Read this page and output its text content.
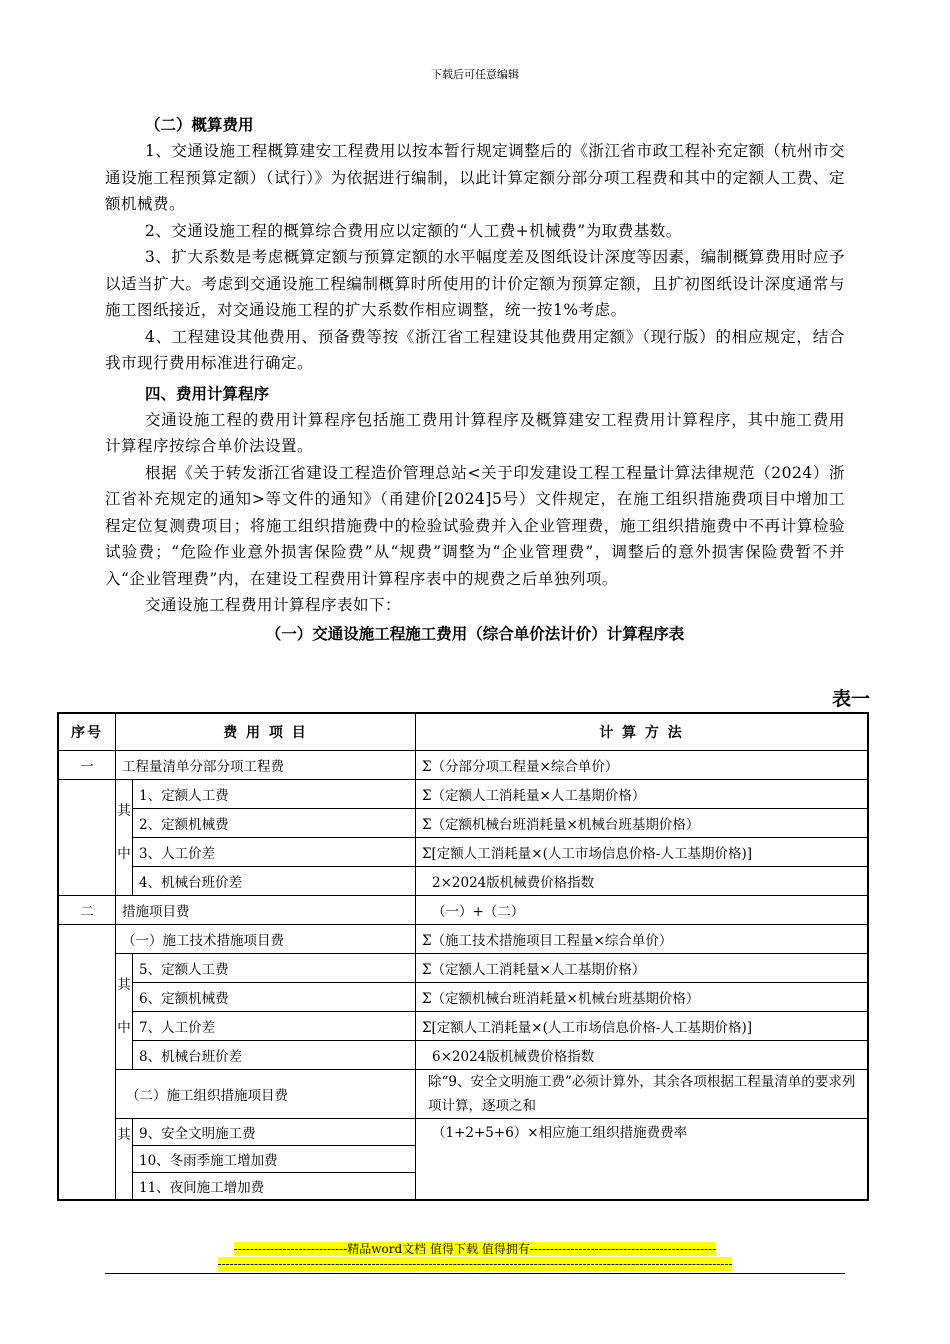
下载后可任意编辑

（二）概算费用

1、交通设施工程概算建安工程费用以按本暂行规定调整后的《浙江省市政工程补充定额（杭州市交通设施工程预算定额）（试行）》为依据进行编制，以此计算定额分部分项工程费和其中的定额人工费、定额机械费。

2、交通设施工程的概算综合费用应以定额的“人工费+机械费”为取费基数。

3、扩大系数是考虑概算定额与预算定额的水平幅度差及图纸设计深度等因素，编制概算费用时应予以适当扩大。考虑到交通设施工程编制概算时所使用的计价定额为预算定额，且扩初图纸设计深度通常与施工图纸接近，对交通设施工程的扩大系数作相应调整，统一按1%考虑。

4、工程建设其他费用、预备费等按《浙江省工程建设其他费用定额》（现行版）的相应规定，结合我市现行费用标准进行确定。

四、费用计算程序

交通设施工程的费用计算程序包括施工费用计算程序及概算建安工程费用计算程序，其中施工费用计算程序按综合单价法设置。

根据《关于转发浙江省建设工程造价管理总站<关于印发建设工程工程量计算法律规范（2024）浙江省补充规定的通知>等文件的通知》（甬建价[2024]5号）文件规定，在施工组织措施费项目中增加工程定位复测费项目；将施工组织措施费中的检验试验费并入企业管理费，施工组织措施费中不再计算检验试验费；“危险作业意外损害保险费”从“规费”调整为“企业管理费”，调整后的意外损害保险费暂不并入“企业管理费”内，在建设工程费用计算程序表中的规费之后单独列项。

交通设施工程费用计算程序表如下：

（一）交通设施工程施工费用（综合单价法计价）计算程序表

表一
序号	费 用 项 目		计 算 方 法
一	工程量清单分部分项工程费		Σ（分部分项工程量×综合单价）
	其	1、定额人工费	Σ（定额人工消耗量×人工基期价格）
		2、定额机械费	Σ（定额机械台班消耗量×机械台班基期价格）
	中	3、人工价差	Σ[定额人工消耗量×(人工市场信息价格-人工基期价格)]
		4、机械台班价差	2×2024版机械费价格指数
二	措施项目费		（一）+（二）
	（一）施工技术措施项目费		Σ（施工技术措施项目工程量×综合单价）
	其	5、定额人工费	Σ（定额人工消耗量×人工基期价格）
		6、定额机械费	Σ（定额机械台班消耗量×机械台班基期价格）
	中	7、人工价差	Σ[定额人工消耗量×(人工市场信息价格-人工基期价格)]
		8、机械台班价差	6×2024版机械费价格指数
	（二）施工组织措施项目费		除“9、安全文明施工费”必须计算外，其余各项根据工程量清单的要求列项计算，逐项之和
	其	9、安全文明施工费	（1+2+5+6）×相应施工组织措施费费率
		10、冬雨季施工增加费	
		11、夜间施工增加费	
----------------------------精品word文档 值得下载 值得拥有----------------------------------------------
-------------------------------------------------------------------------------------------------------------------------------
